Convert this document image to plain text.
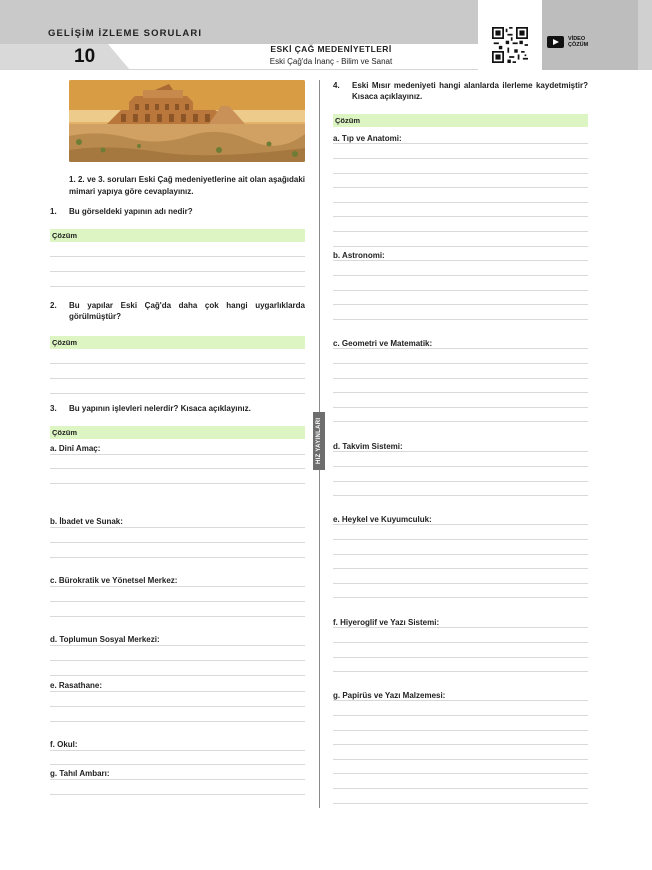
GELİŞİM İZLEME SORULARI
10	ESKİ ÇAĞ MEDENİYETLERİ
Eski Çağ'da İnanç - Bilim ve Sanat
VİDEO
ÇÖZÜM
1. 2. ve 3. soruları Eski Çağ medeniyetlerine ait olan aşağıdaki mimari yapıya göre cevaplayınız.
1. Bu görseldeki yapının adı nedir?
Çözüm
2. Bu yapılar Eski Çağ'da daha çok hangi uygarlıklarda görülmüştür?
Çözüm
3. Bu yapının işlevleri nelerdir? Kısaca açıklayınız.
Çözüm
a. Dinî Amaç:
b. İbadet ve Sunak:
c. Bürokratik ve Yönetsel Merkez:
d. Toplumun Sosyal Merkezi:
e. Rasathane:
f. Okul:
g. Tahıl Ambarı:
HIZ YAYINLARI
4. Eski Mısır medeniyeti hangi alanlarda ilerleme kaydetmiştir? Kısaca açıklayınız.
Çözüm
a. Tıp ve Anatomi:
b. Astronomi:
c. Geometri ve Matematik:
d. Takvim Sistemi:
e. Heykel ve Kuyumculuk:
f. Hiyeroglif ve Yazı Sistemi:
g. Papirüs ve Yazı Malzemesi:
